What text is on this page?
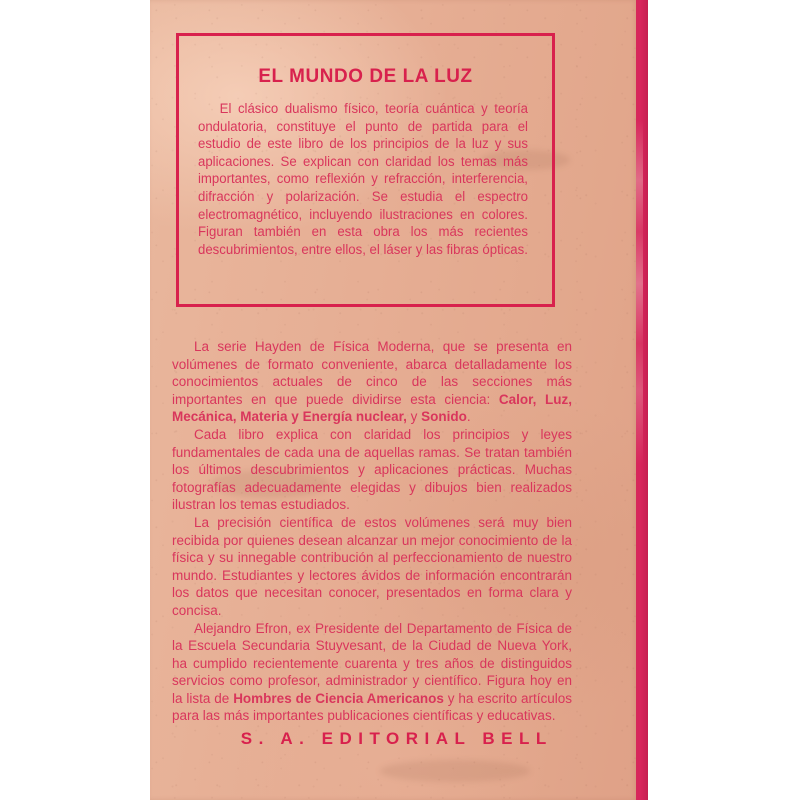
EL MUNDO DE LA LUZ
El clásico dualismo físico, teoría cuántica y teoría ondulatoria, constituye el punto de partida para el estudio de este libro de los principios de la luz y sus aplicaciones. Se explican con claridad los temas más importantes, como reflexión y refracción, interferencia, difracción y polarización. Se estudia el espectro electromagnético, incluyendo ilustraciones en colores. Figuran también en esta obra los más recientes descubrimientos, entre ellos, el láser y las fibras ópticas.

La serie Hayden de Física Moderna, que se presenta en volúmenes de formato conveniente, abarca detalladamente los conocimientos actuales de cinco de las secciones más importantes en que puede dividirse esta ciencia: Calor, Luz, Mecánica, Materia y Energía nuclear, y Sonido.

Cada libro explica con claridad los principios y leyes fundamentales de cada una de aquellas ramas. Se tratan también los últimos descubrimientos y aplicaciones prácticas. Muchas fotografías adecuadamente elegidas y dibujos bien realizados ilustran los temas estudiados.

La precisión científica de estos volúmenes será muy bien recibida por quienes desean alcanzar un mejor conocimiento de la física y su innegable contribución al perfeccionamiento de nuestro mundo. Estudiantes y lectores ávidos de información encontrarán los datos que necesitan conocer, presentados en forma clara y concisa.

Alejandro Efron, ex Presidente del Departamento de Física de la Escuela Secundaria Stuyvesant, de la Ciudad de Nueva York, ha cumplido recientemente cuarenta y tres años de distinguidos servicios como profesor, administrador y científico. Figura hoy en la lista de Hombres de Ciencia Americanos y ha escrito artículos para las más importantes publicaciones científicas y educativas.

S. A. EDITORIAL BELL
